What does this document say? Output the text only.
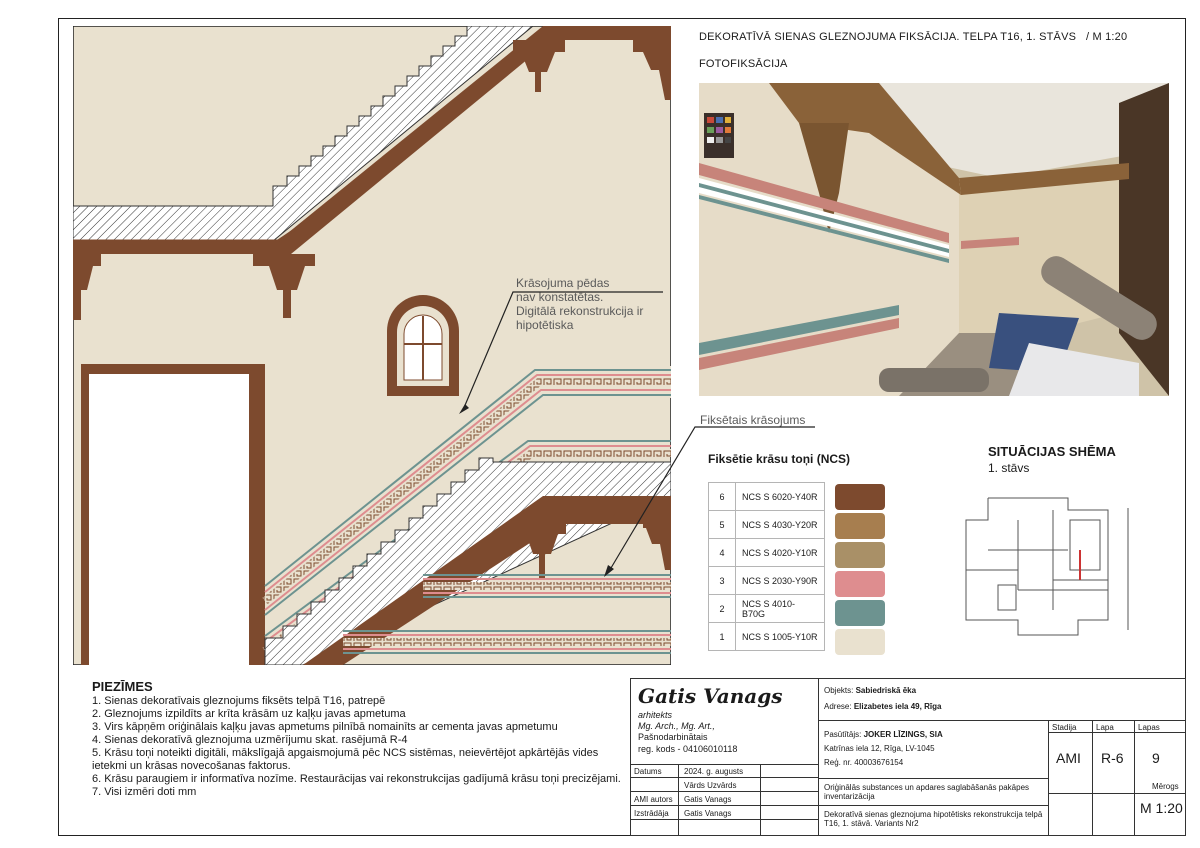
Krāsojuma pēdas
nav konstatētas.
Digitālā rekonstrukcija ir
hipotētiska
Fiksētais krāsojums
DEKORATĪVĀ SIENAS GLEZNOJUMA FIKSĀCIJA. TELPA T16, 1. STĀVS / M 1:20
FOTOFIKSĀCIJA
Fiksētie krāsu toņi (NCS)
6	NCS S 6020-Y40R
5	NCS S 4030-Y20R
4	NCS S 4020-Y10R
3	NCS S 2030-Y90R
2	NCS S 4010-B70G
1	NCS S 1005-Y10R
SITUĀCIJAS SHĒMA
1. stāvs
PIEZĪMES
1. Sienas dekoratīvais gleznojums fiksēts telpā T16, patrepē
2. Gleznojums izpildīts ar krīta krāsām uz kaļķu javas apmetuma
3. Virs kāpņēm oriģinālais kaļķu javas apmetums pilnībā nomainīts ar cementa javas apmetumu
4. Sienas dekoratīvā gleznojuma uzmērījumu skat. rasējumā R-4
5. Krāsu toņi noteikti digitāli, mākslīgajā apgaismojumā pēc NCS sistēmas, neievērtējot apkārtējās vides ietekmi un krāsas novecošanas faktorus.
6. Krāsu paraugiem ir informatīva nozīme. Restaurācijas vai rekonstrukcijas gadījumā krāsu toņi precizējami.
7. Visi izmēri doti mm
Gatis Vanags
arhitekts
Mg. Arch., Mg. Art.,
Pašnodarbinātais
reg. kods - 04106010118
Datums	2024. g. augusts
Vārds Uzvārds
AMI autors Gatis Vanags
Izstrādāja Gatis Vanags
Objekts: Sabiedriskā ēka
Adrese: Elizabetes iela 49, Rīga
Pasūtītājs: JOKER LĪZINGS, SIA
Katrīnas iela 12, Rīga, LV-1045
Reģ. nr. 40003676154
Oriģinālās substances un apdares saglabāšanās pakāpes inventarizācija
Dekoratīvā sienas gleznojuma hipotētisks rekonstrukcija telpā T16, 1. stāvā. Variants Nr2
Stadija Lapa	Lapas
AMI R-6 9
Mērogs
M 1:20
